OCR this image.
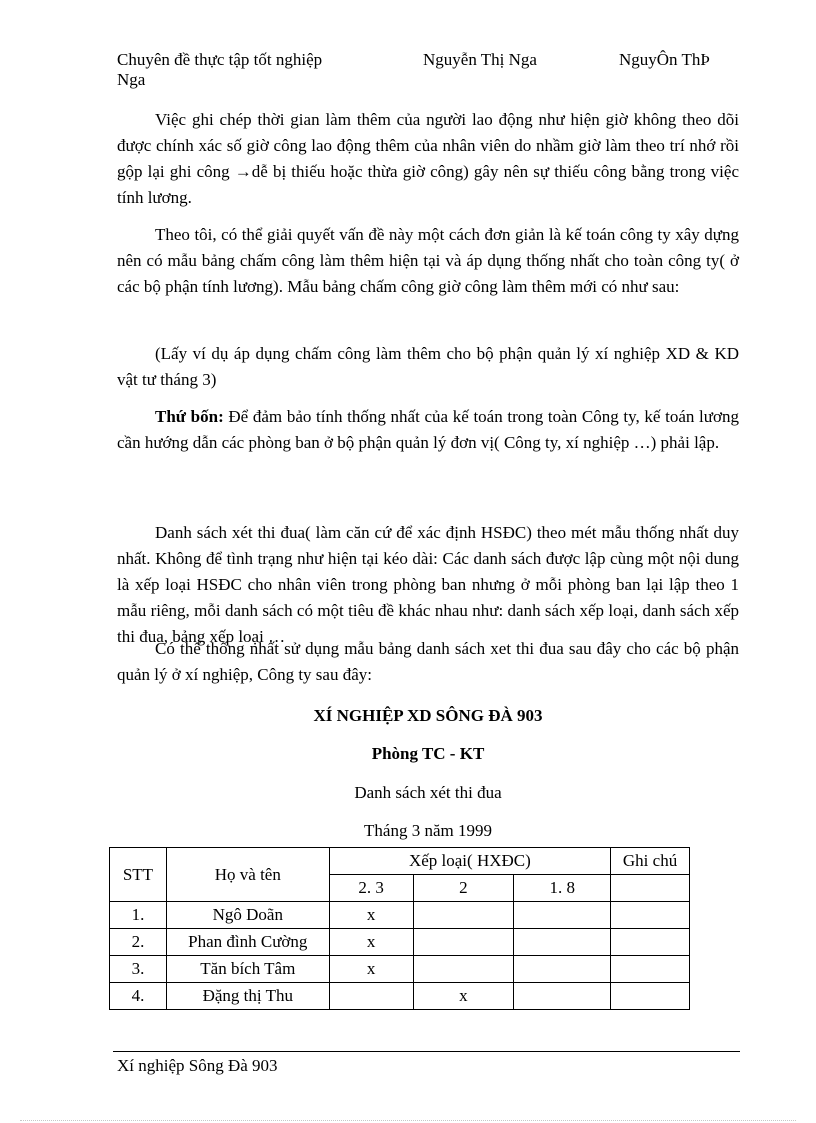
Chuyên đề thực tập tốt nghiệp	Nguyễn Thị Nga	NguyÔn ThÞ
Nga

Việc ghi chép thời gian làm thêm của người lao động như hiện giờ không theo dõi được chính xác số giờ công lao động thêm của nhân viên do nhầm giờ làm theo trí nhớ rồi gộp lại ghi công →dễ bị thiếu hoặc thừa giờ công) gây nên sự thiếu công bằng trong việc tính lương.

Theo tôi, có thể giải quyết vấn đề này một cách đơn giản là kế toán công ty xây dựng nên có mẫu bảng chấm công làm thêm hiện tại và áp dụng thống nhất cho toàn công ty( ở các bộ phận tính lương). Mẫu bảng chấm công giờ công làm thêm mới có như sau:

(Lấy ví dụ áp dụng chấm công làm thêm cho bộ phận quản lý xí nghiệp XD & KD vật tư tháng 3)

Thứ bốn: Để đảm bảo tính thống nhất của kế toán trong toàn Công ty, kế toán lương cần hướng dẫn các phòng ban ở bộ phận quản lý đơn vị( Công ty, xí nghiệp …) phải lập.

Danh sách xét thi đua( làm căn cứ để xác định HSĐC) theo mét mẫu thống nhất duy nhất. Không để tình trạng như hiện tại kéo dài: Các danh sách được lập cùng một nội dung là xếp loại HSĐC cho nhân viên trong phòng ban nhưng ở mỗi phòng ban lại lập theo 1 mẫu riêng, mỗi danh sách có một tiêu đề khác nhau như: danh sách xếp loại, danh sách xếp thi đua, bảng xếp loại …

Có thể thống nhất sử dụng mẫu bảng danh sách xet thi đua sau đây cho các bộ phận quản lý ở xí nghiệp, Công ty sau đây:

XÍ NGHIỆP XD SÔNG ĐÀ 903

Phòng TC - KT

Danh sách xét thi đua

Tháng 3 năm 1999

STT	Họ và tên	Xếp loại( HXĐC)			Ghi chú
		2. 3	2	1. 8	
1.	Ngô Doãn	x			
2.	Phan đình Cường	x			
3.	Tăn bích Tâm	x			
4.	Đặng thị Thu		x		
Xí nghiệp Sông Đà 903
